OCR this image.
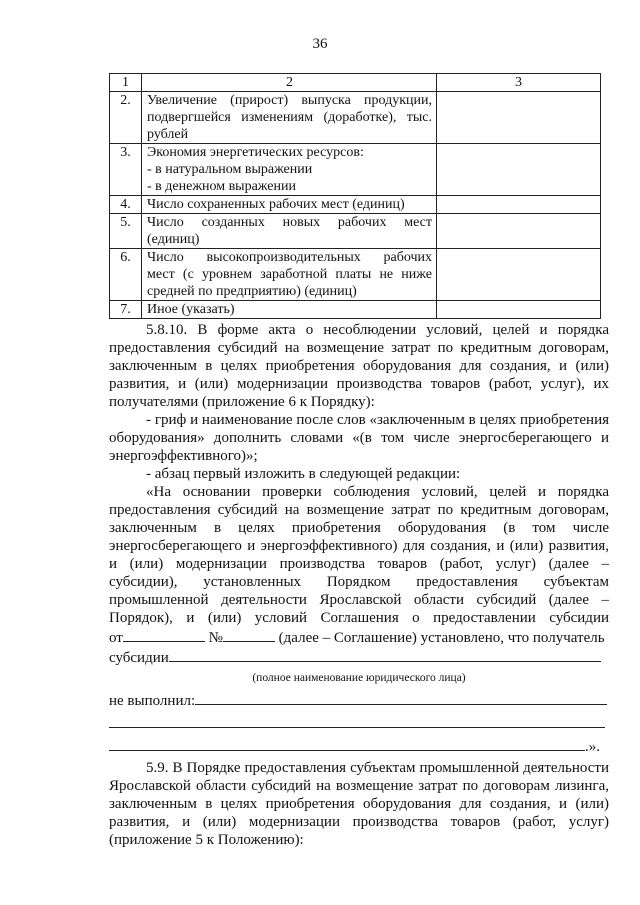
36
1	2	3
2.	Увеличение (прирост) выпуска продукции,
подвергшейся изменениям (доработке), тыс.
рублей	

3.	Экономия энергетических ресурсов:
- в натуральном выражении
- в денежном выражении	

4.	Число сохраненных рабочих мест (единиц)	

5.	Число созданных новых рабочих мест
(единиц)	

6.	Число высокопроизводительных рабочих
мест (с уровнем заработной платы не ниже
средней по предприятию) (единиц)	

7.	Иное (указать)	

5.8.10. В форме акта о несоблюдении условий, целей и порядка

предоставления субсидий на возмещение затрат по кредитным договорам,

заключенным в целях приобретения оборудования для создания, и (или)

развития, и (или) модернизации производства товаров (работ, услуг), их

получателями (приложение 6 к Порядку):

- гриф и наименование после слов «заключенным в целях приобретения

оборудования» дополнить словами «(в том числе энергосберегающего и

энергоэффективного)»;

- абзац первый изложить в следующей редакции:

«На основании проверки соблюдения условий, целей и порядка

предоставления субсидий на возмещение затрат по кредитным договорам,

заключенным в целях приобретения оборудования (в том числе

энергосберегающего и энергоэффективного) для создания, и (или) развития,

и (или) модернизации производства товаров (работ, услуг) (далее –

субсидии), установленных Порядком предоставления субъектам

промышленной деятельности Ярославской области субсидий (далее –

Порядок), и (или) условий Соглашения о предоставлении субсидии

от	№	(далее – Соглашение) установлено, что получатель

субсидии

(полное наименование юридического лица)

не выполнил:

.».

5.9. В Порядке предоставления субъектам промышленной деятельности

Ярославской области субсидий на возмещение затрат по договорам лизинга,

заключенным в целях приобретения оборудования для создания, и (или)

развития, и (или) модернизации производства товаров (работ, услуг)

(приложение 5 к Положению):
